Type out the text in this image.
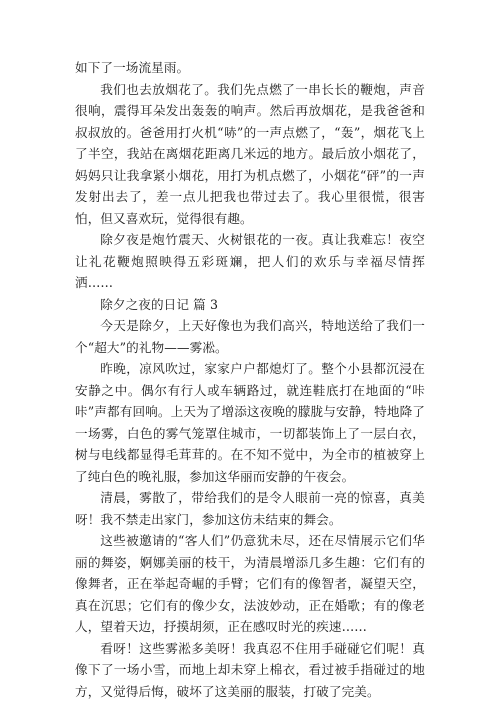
如下了一场流星雨。

我们也去放烟花了。我们先点燃了一串长长的鞭炮，声音很响，震得耳朵发出轰轰的响声。然后再放烟花，是我爸爸和叔叔放的。爸爸用打火机“哧”的一声点燃了，“轰”，烟花飞上了半空，我站在离烟花距离几米远的地方。最后放小烟花了，妈妈只让我拿紧小烟花，用打为机点燃了，小烟花“砰”的一声发射出去了，差一点儿把我也带过去了。我心里很慌，很害怕，但又喜欢玩，觉得很有趣。

除夕夜是炮竹震天、火树银花的一夜。真让我难忘！夜空让礼花鞭炮照映得五彩斑斓，把人们的欢乐与幸福尽情挥洒……

除夕之夜的日记 篇 3

今天是除夕，上天好像也为我们高兴，特地送给了我们一个“超大”的礼物——雾凇。

昨晚，凉风吹过，家家户户都熄灯了。整个小县都沉浸在安静之中。偶尔有行人或车辆路过，就连鞋底打在地面的“咔咔”声都有回响。上天为了增添这夜晚的朦胧与安静，特地降了一场雾，白色的雾气笼罩住城市，一切都装饰上了一层白衣，树与电线都显得毛茸茸的。在不知不觉中，为全市的植被穿上了纯白色的晚礼服，参加这华丽而安静的午夜会。

清晨，雾散了，带给我们的是令人眼前一亮的惊喜，真美呀！我不禁走出家门，参加这仿未结束的舞会。

这些被邀请的“客人们”仍意犹未尽，还在尽情展示它们华丽的舞姿，婀娜美丽的枝干，为清晨增添几多生趣：它们有的像舞者，正在举起奇崛的手臂；它们有的像智者，凝望天空，真在沉思；它们有的像少女，法波妙动，正在婚歌；有的像老人，望着天边，抒摸胡须，正在感叹时光的疾速……

看呀！这些雾淞多美呀！我真忍不住用手碰碰它们呢！真像下了一场小雪，而地上却未穿上棉衣，看过被手指碰过的地方，又觉得后悔，破坏了这美丽的服装，打破了完美。
